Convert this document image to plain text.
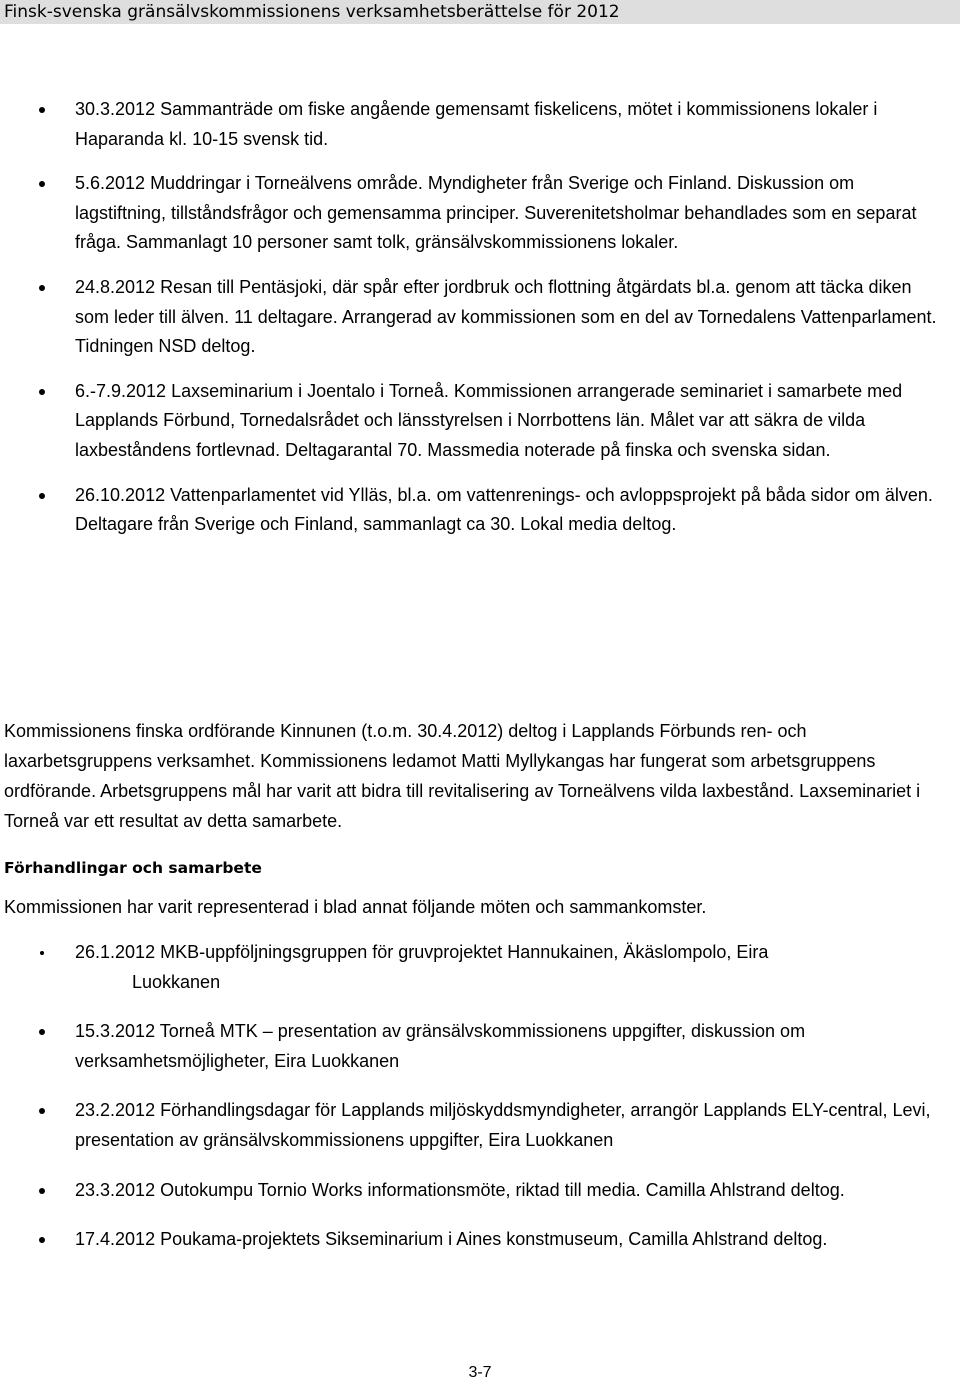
Finsk-svenska gränsälvskommissionens verksamhetsberättelse för 2012
30.3.2012 Sammanträde om fiske angående gemensamt fiskelicens, mötet i kommissionens lokaler i Haparanda kl. 10-15 svensk tid.
5.6.2012 Muddringar i Torneälvens område. Myndigheter från Sverige och Finland. Diskussion om lagstiftning, tillståndsfrågor och gemensamma principer. Suverenitetsholmar behandlades som en separat fråga. Sammanlagt 10 personer samt tolk, gränsälvskommissionens lokaler.
24.8.2012 Resan till Pentäsjoki, där spår efter jordbruk och flottning åtgärdats bl.a. genom att täcka diken som leder till älven. 11 deltagare. Arrangerad av kommissionen som en del av Tornedalens Vattenparlament. Tidningen NSD deltog.
6.-7.9.2012 Laxseminarium i Joentalo i Torneå. Kommissionen arrangerade seminariet i samarbete med Lapplands Förbund, Tornedalsrådet och länsstyrelsen i Norrbottens län. Målet var att säkra de vilda laxbeståndens fortlevnad. Deltagarantal 70. Massmedia noterade på finska och svenska sidan.
26.10.2012 Vattenparlamentet vid Ylläs, bl.a. om vattenrenings- och avloppsprojekt på båda sidor om älven. Deltagare från Sverige och Finland, sammanlagt ca 30. Lokal media deltog.

Kommissionens finska ordförande Kinnunen (t.o.m. 30.4.2012) deltog i Lapplands Förbunds ren- och laxarbetsgruppens verksamhet. Kommissionens ledamot Matti Myllykangas har fungerat som arbetsgruppens ordförande. Arbetsgruppens mål har varit att bidra till revitalisering av Torneälvens vilda laxbestånd. Laxseminariet i Torneå var ett resultat av detta samarbete.

Förhandlingar och samarbete

Kommissionen har varit representerad i blad annat följande möten och sammankomster.

26.1.2012 MKB-uppföljningsgruppen för gruvprojektet Hannukainen, Äkäslompolo, Eira
Luokkanen
15.3.2012 Torneå MTK – presentation av gränsälvskommissionens uppgifter, diskussion om verksamhetsmöjligheter, Eira Luokkanen
23.2.2012 Förhandlingsdagar för Lapplands miljöskyddsmyndigheter, arrangör Lapplands ELY-central, Levi, presentation av gränsälvskommissionens uppgifter, Eira Luokkanen
23.3.2012 Outokumpu Tornio Works informationsmöte, riktad till media. Camilla Ahlstrand deltog.
17.4.2012 Poukama-projektets Sikseminarium i Aines konstmuseum, Camilla Ahlstrand deltog.
3-7
